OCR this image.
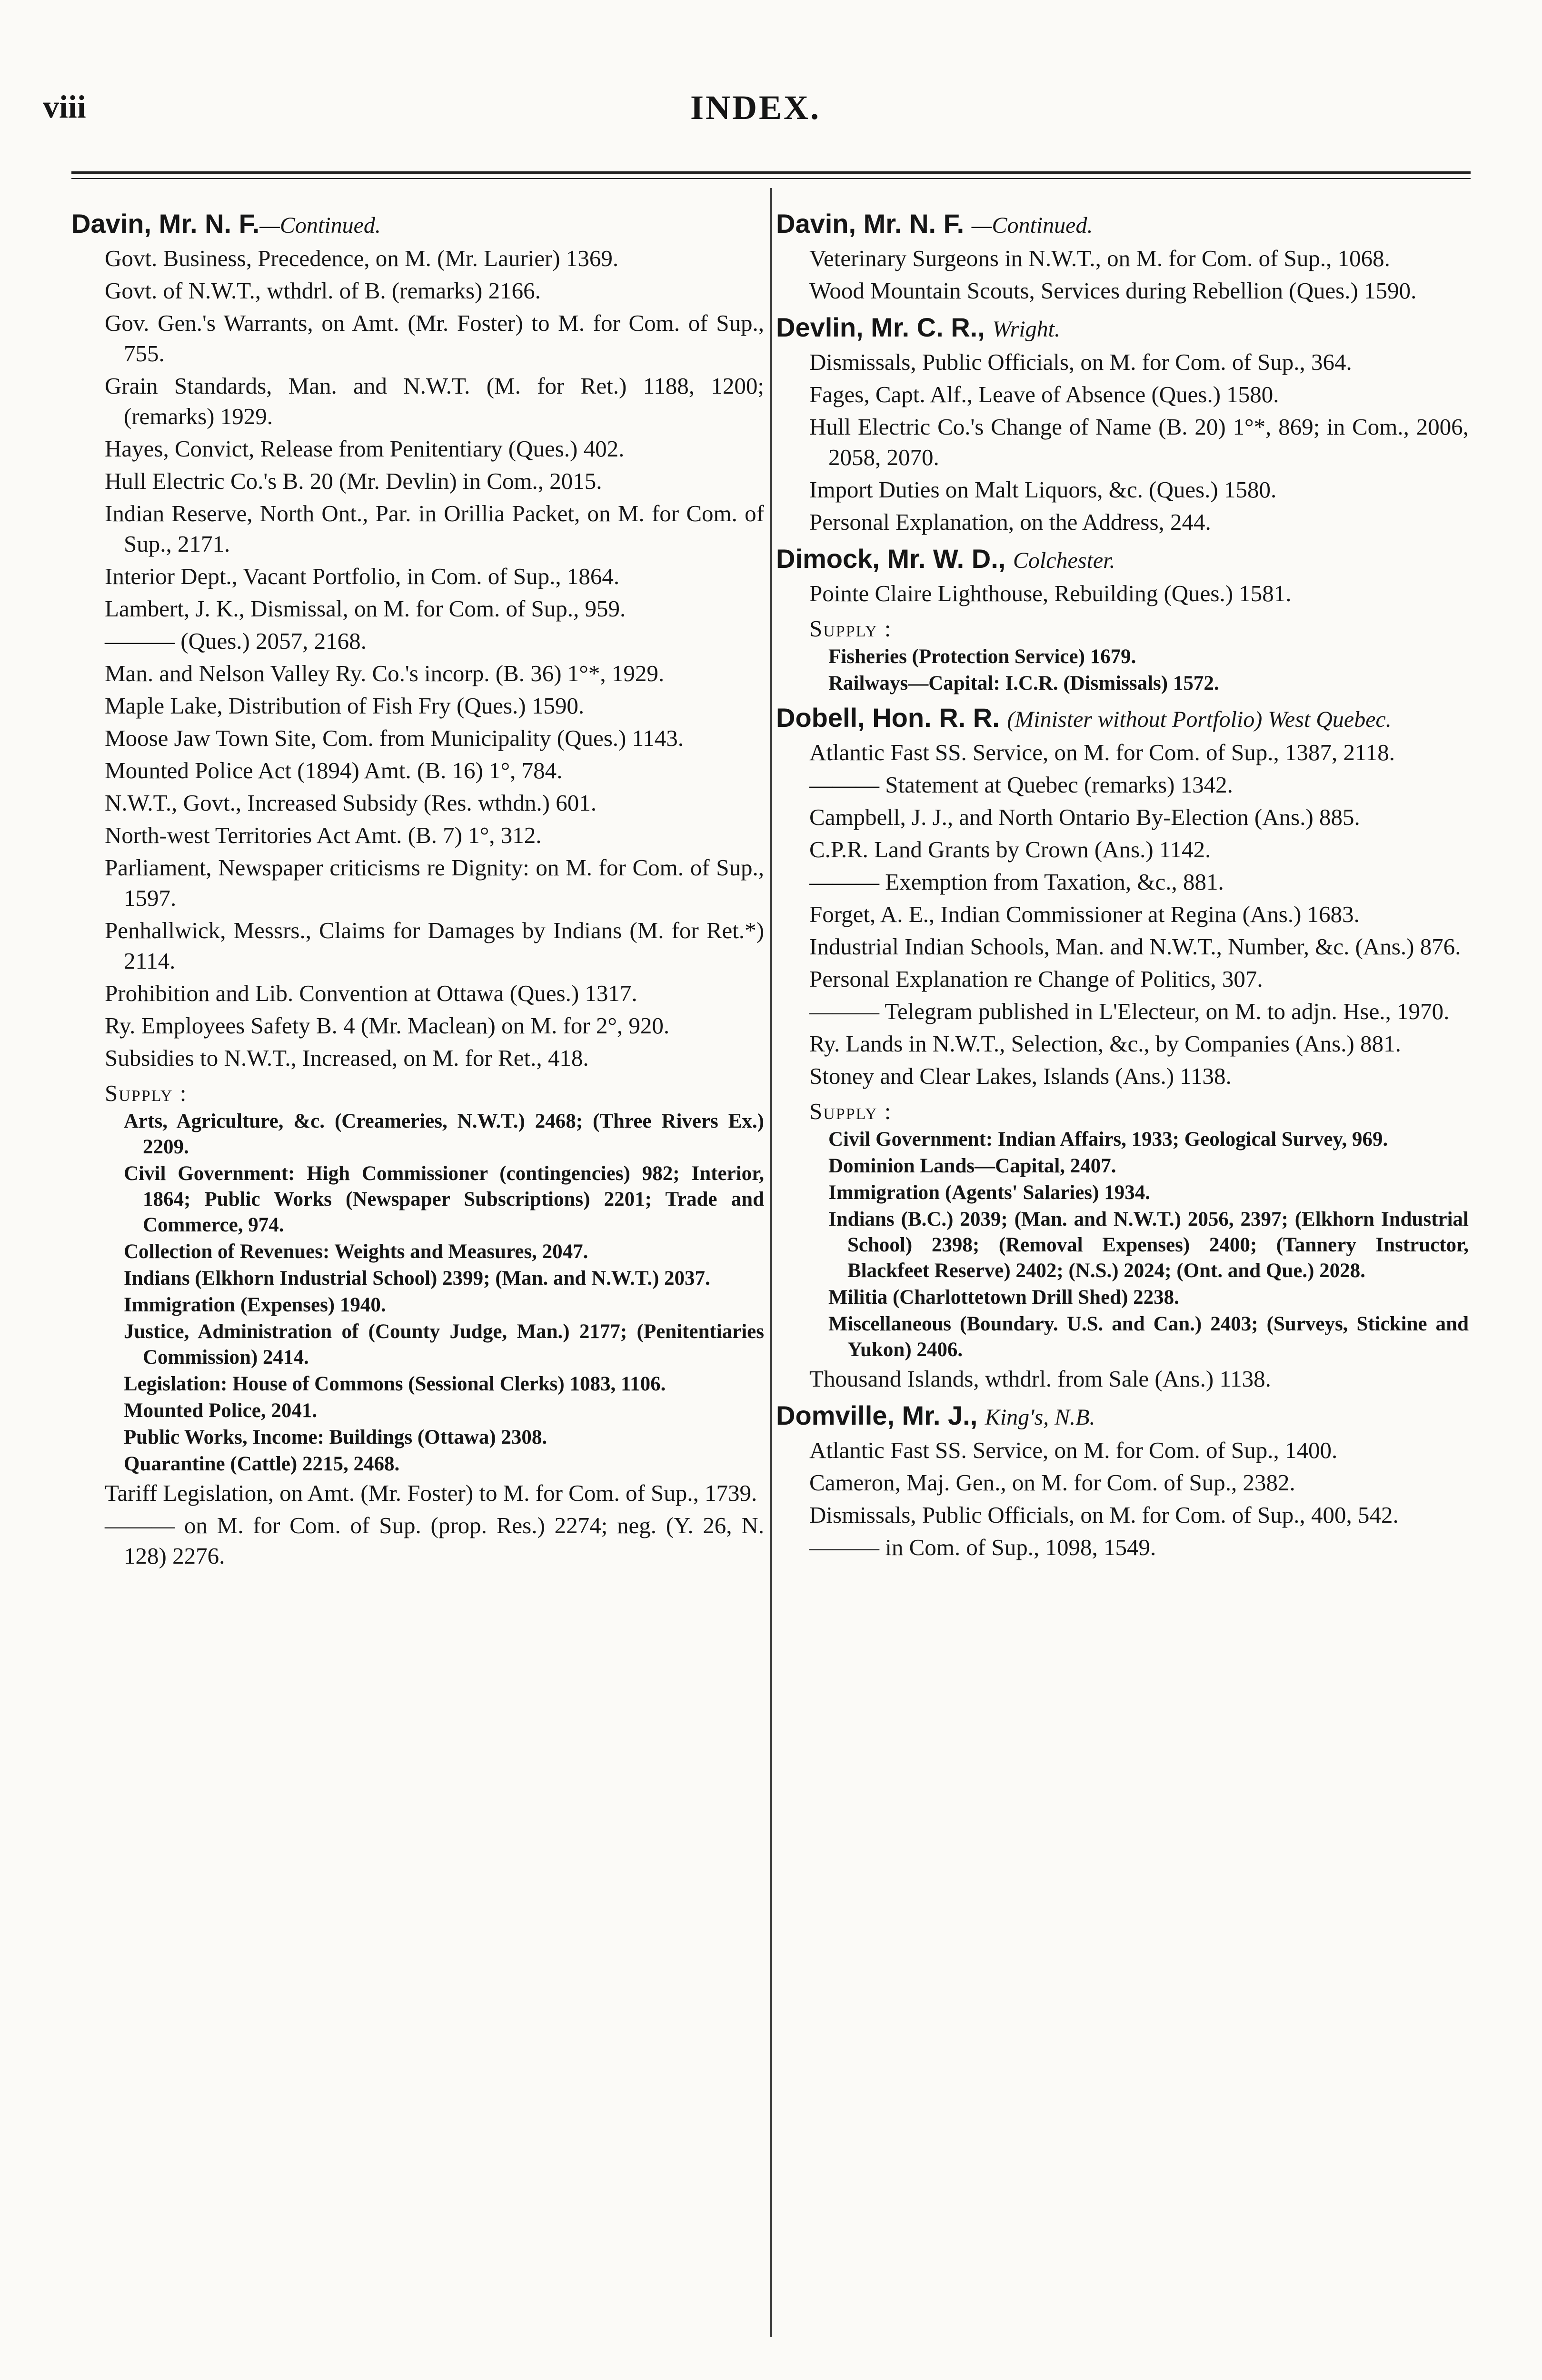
viii	INDEX.
Davin, Mr. N. F.—Continued.
Govt. Business, Precedence, on M. (Mr. Laurier) 1369.
Govt. of N.W.T., wthdrl. of B. (remarks) 2166.
Gov. Gen.'s Warrants, on Amt. (Mr. Foster) to M. for Com. of Sup., 755.
Grain Standards, Man. and N.W.T. (M. for Ret.) 1188, 1200; (remarks) 1929.
Hayes, Convict, Release from Penitentiary (Ques.) 402.
Hull Electric Co.'s B. 20 (Mr. Devlin) in Com., 2015.
Indian Reserve, North Ont., Par. in Orillia Packet, on M. for Com. of Sup., 2171.
Interior Dept., Vacant Portfolio, in Com. of Sup., 1864.
Lambert, J. K., Dismissal, on M. for Com. of Sup., 959.
——— (Ques.) 2057, 2168.
Man. and Nelson Valley Ry. Co.'s incorp. (B. 36) 1°*, 1929.
Maple Lake, Distribution of Fish Fry (Ques.) 1590.
Moose Jaw Town Site, Com. from Municipality (Ques.) 1143.
Mounted Police Act (1894) Amt. (B. 16) 1°, 784.
N.W.T., Govt., Increased Subsidy (Res. wthdn.) 601.
North-west Territories Act Amt. (B. 7) 1°, 312.
Parliament, Newspaper criticisms re Dignity: on M. for Com. of Sup., 1597.
Penhallwick, Messrs., Claims for Damages by Indians (M. for Ret.*) 2114.
Prohibition and Lib. Convention at Ottawa (Ques.) 1317.
Ry. Employees Safety B. 4 (Mr. Maclean) on M. for 2°, 920.
Subsidies to N.W.T., Increased, on M. for Ret., 418.
Supply :
Arts, Agriculture, &c. (Creameries, N.W.T.) 2468; (Three Rivers Ex.) 2209.
Civil Government: High Commissioner (contingencies) 982; Interior, 1864; Public Works (Newspaper Subscriptions) 2201; Trade and Commerce, 974.
Collection of Revenues: Weights and Measures, 2047.
Indians (Elkhorn Industrial School) 2399; (Man. and N.W.T.) 2037.
Immigration (Expenses) 1940.
Justice, Administration of (County Judge, Man.) 2177; (Penitentiaries Commission) 2414.
Legislation: House of Commons (Sessional Clerks) 1083, 1106.
Mounted Police, 2041.
Public Works, Income: Buildings (Ottawa) 2308.
Quarantine (Cattle) 2215, 2468.
Tariff Legislation, on Amt. (Mr. Foster) to M. for Com. of Sup., 1739.
——— on M. for Com. of Sup. (prop. Res.) 2274; neg. (Y. 26, N. 128) 2276.
Davin, Mr. N. F. —Continued.
Veterinary Surgeons in N.W.T., on M. for Com. of Sup., 1068.
Wood Mountain Scouts, Services during Rebellion (Ques.) 1590.
Devlin, Mr. C. R., Wright.
Dismissals, Public Officials, on M. for Com. of Sup., 364.
Fages, Capt. Alf., Leave of Absence (Ques.) 1580.
Hull Electric Co.'s Change of Name (B. 20) 1°*, 869; in Com., 2006, 2058, 2070.
Import Duties on Malt Liquors, &c. (Ques.) 1580.
Personal Explanation, on the Address, 244.
Dimock, Mr. W. D., Colchester.
Pointe Claire Lighthouse, Rebuilding (Ques.) 1581.
Supply :
Fisheries (Protection Service) 1679.
Railways—Capital: I.C.R. (Dismissals) 1572.
Dobell, Hon. R. R. (Minister without Portfolio) West Quebec.
Atlantic Fast SS. Service, on M. for Com. of Sup., 1387, 2118.
——— Statement at Quebec (remarks) 1342.
Campbell, J. J., and North Ontario By-Election (Ans.) 885.
C.P.R. Land Grants by Crown (Ans.) 1142.
——— Exemption from Taxation, &c., 881.
Forget, A. E., Indian Commissioner at Regina (Ans.) 1683.
Industrial Indian Schools, Man. and N.W.T., Number, &c. (Ans.) 876.
Personal Explanation re Change of Politics, 307.
——— Telegram published in L'Electeur, on M. to adjn. Hse., 1970.
Ry. Lands in N.W.T., Selection, &c., by Companies (Ans.) 881.
Stoney and Clear Lakes, Islands (Ans.) 1138.
Supply :
Civil Government: Indian Affairs, 1933; Geological Survey, 969.
Dominion Lands—Capital, 2407.
Immigration (Agents' Salaries) 1934.
Indians (B.C.) 2039; (Man. and N.W.T.) 2056, 2397; (Elkhorn Industrial School) 2398; (Removal Expenses) 2400; (Tannery Instructor, Blackfeet Reserve) 2402; (N.S.) 2024; (Ont. and Que.) 2028.
Militia (Charlottetown Drill Shed) 2238.
Miscellaneous (Boundary. U.S. and Can.) 2403; (Surveys, Stickine and Yukon) 2406.
Thousand Islands, wthdrl. from Sale (Ans.) 1138.
Domville, Mr. J., King's, N.B.
Atlantic Fast SS. Service, on M. for Com. of Sup., 1400.
Cameron, Maj. Gen., on M. for Com. of Sup., 2382.
Dismissals, Public Officials, on M. for Com. of Sup., 400, 542.
——— in Com. of Sup., 1098, 1549.
